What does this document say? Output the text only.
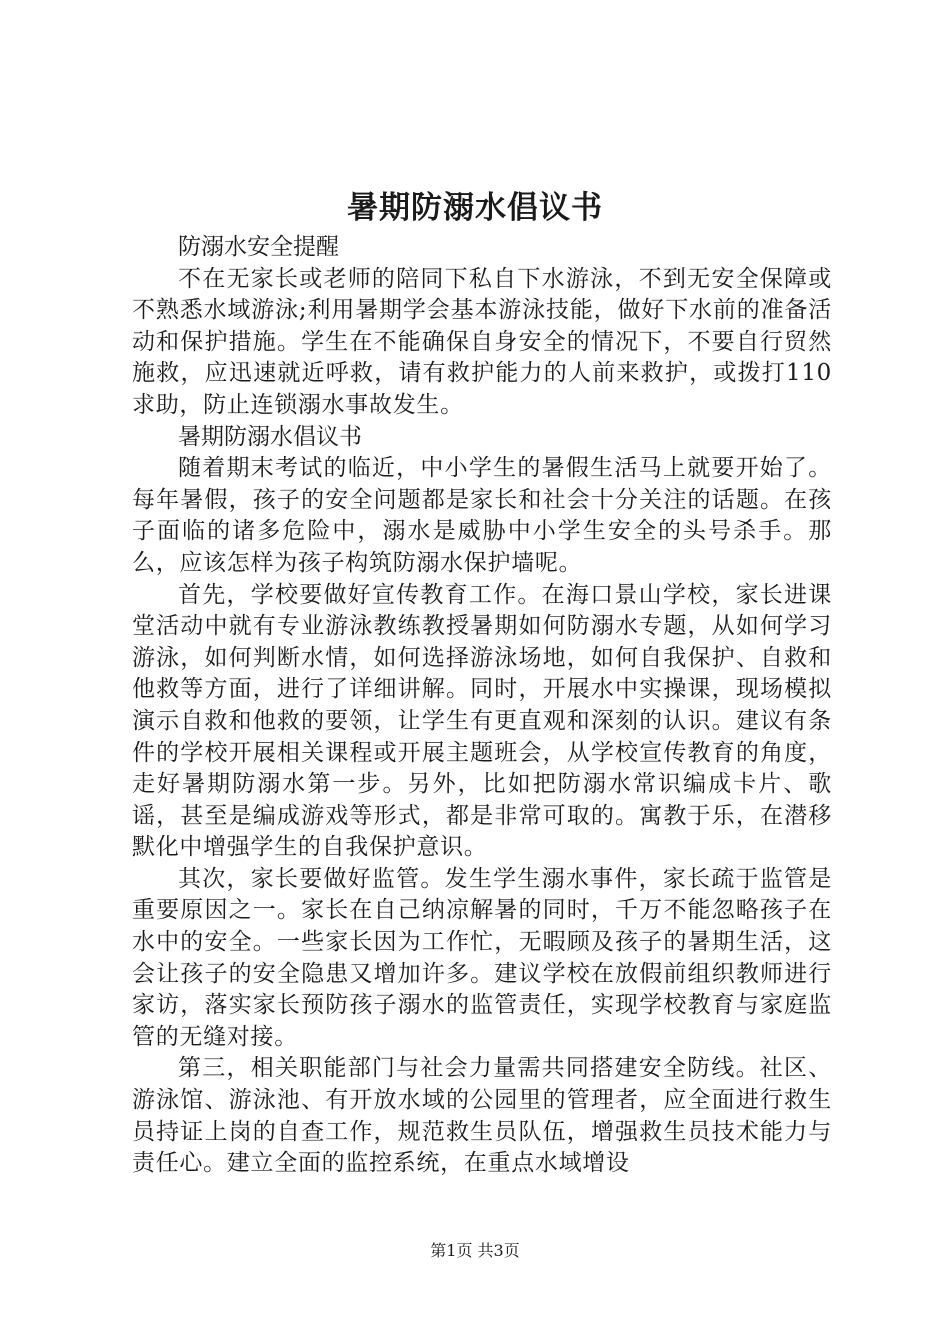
暑期防溺水倡议书

防溺水安全提醒

不在无家长或老师的陪同下私自下水游泳，不到无安全保障或不熟悉水域游泳;利用暑期学会基本游泳技能，做好下水前的准备活动和保护措施。学生在不能确保自身安全的情况下，不要自行贸然施救，应迅速就近呼救，请有救护能力的人前来救护，或拨打110求助，防止连锁溺水事故发生。

暑期防溺水倡议书

随着期末考试的临近，中小学生的暑假生活马上就要开始了。每年暑假，孩子的安全问题都是家长和社会十分关注的话题。在孩子面临的诸多危险中，溺水是威胁中小学生安全的头号杀手。那么，应该怎样为孩子构筑防溺水保护墙呢。

首先，学校要做好宣传教育工作。在海口景山学校，家长进课堂活动中就有专业游泳教练教授暑期如何防溺水专题，从如何学习游泳，如何判断水情，如何选择游泳场地，如何自我保护、自救和他救等方面，进行了详细讲解。同时，开展水中实操课，现场模拟演示自救和他救的要领，让学生有更直观和深刻的认识。建议有条件的学校开展相关课程或开展主题班会，从学校宣传教育的角度，走好暑期防溺水第一步。另外，比如把防溺水常识编成卡片、歌谣，甚至是编成游戏等形式，都是非常可取的。寓教于乐，在潜移默化中增强学生的自我保护意识。

其次，家长要做好监管。发生学生溺水事件，家长疏于监管是重要原因之一。家长在自己纳凉解暑的同时，千万不能忽略孩子在水中的安全。一些家长因为工作忙，无暇顾及孩子的暑期生活，这会让孩子的安全隐患又增加许多。建议学校在放假前组织教师进行家访，落实家长预防孩子溺水的监管责任，实现学校教育与家庭监管的无缝对接。

第三，相关职能部门与社会力量需共同搭建安全防线。社区、游泳馆、游泳池、有开放水域的公园里的管理者，应全面进行救生员持证上岗的自查工作，规范救生员队伍，增强救生员技术能力与责任心。建立全面的监控系统，在重点水域增设

第1页 共3页
